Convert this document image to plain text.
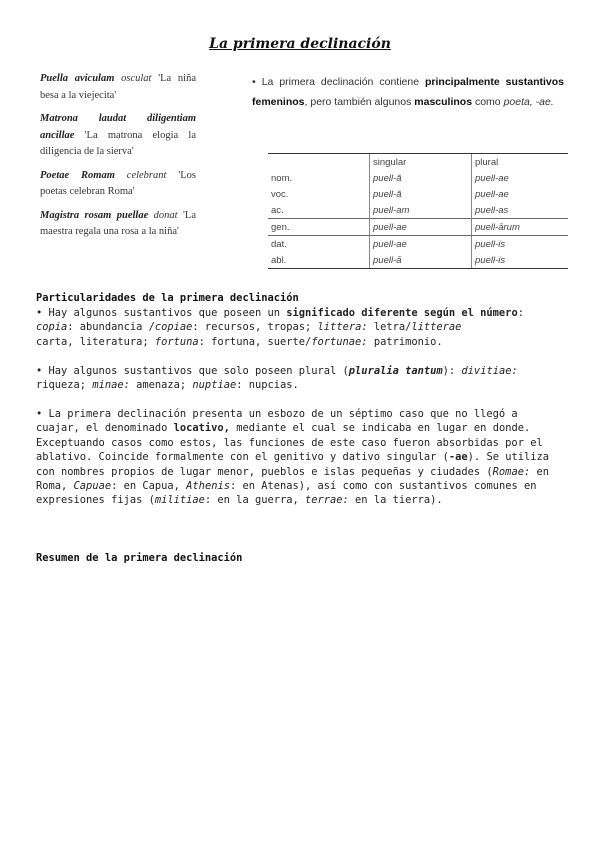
La primera declinación

Puella aviculam osculat 'La niña besa a la viejecita'

Matrona laudat diligentiam ancillae 'La matrona elogia la diligencia de la sierva'

Poetae Romam celebrant 'Los poetas celebran Roma'

Magistra rosam puellae donat 'La maestra regala una rosa a la niña'

• La primera declinación contiene principalmente sustantivos femeninos, pero también algunos masculinos como poeta, -ae.

	singular	plural
nom.	puell-ă	puell-ae
voc.	puell-ă	puell-ae
ac.	puell-am	puell-as
gen.	puell-ae	puell-ārum
dat.	puell-ae	puell-is
abl.	puell-ā	puell-is

Particularidades de la primera declinación

• Hay algunos sustantivos que poseen un significado diferente según el número:

copia: abundancia /copiae: recursos, tropas; littera: letra/litterae

carta, literatura; fortuna: fortuna, suerte/fortunae: patrimonio.

• Hay algunos sustantivos que solo poseen plural (pluralia tantum): divitiae:

riqueza; minae: amenaza; nuptiae: nupcias.

• La primera declinación presenta un esbozo de un séptimo caso que no llegó a cuajar, el denominado locativo, mediante el cual se indicaba en lugar en donde. Exceptuando casos como estos, las funciones de este caso fueron absorbidas por el ablativo. Coincide formalmente con el genitivo y dativo singular (-ae). Se utiliza con nombres propios de lugar menor, pueblos e islas pequeñas y ciudades (Romae: en Roma, Capuae: en Capua, Athenis: en Atenas), así como con sustantivos comunes en expresiones fijas (militiae: en la guerra, terrae: en la tierra).

Resumen de la primera declinación
